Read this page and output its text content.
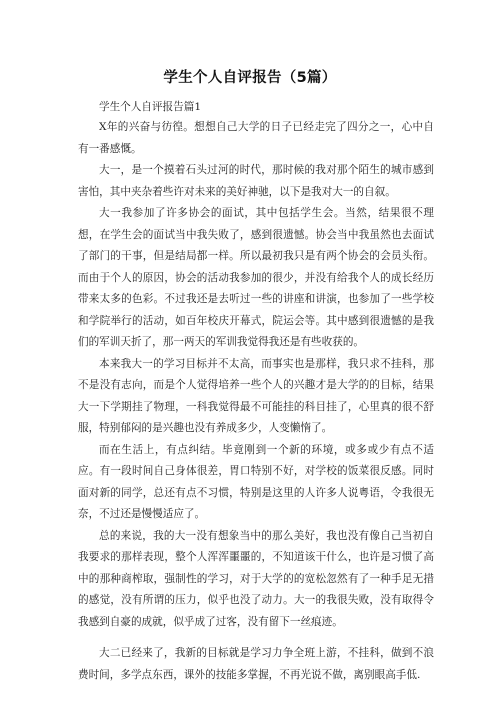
学生个人自评报告（5篇）

学生个人自评报告篇1

X年的兴奋与彷徨。想想自己大学的日子已经走完了四分之一，心中自有一番感慨。

大一，是一个摸着石头过河的时代，那时候的我对那个陌生的城市感到害怕，其中夹杂着些许对未来的美好神驰，以下是我对大一的自叙。

大一我参加了许多协会的面试，其中包括学生会。当然，结果很不理想，在学生会的面试当中我失败了，感到很遗憾。协会当中我虽然也去面试了部门的干事，但是结局都一样。所以最初我只是有两个协会的会员头衔。而由于个人的原因，协会的活动我参加的很少，并没有给我个人的成长经历带来太多的色彩。不过我还是去听过一些的讲座和讲演，也参加了一些学校和学院举行的活动，如百年校庆开幕式，院运会等。其中感到很遗憾的是我们的军训天折了，那一两天的军训我觉得我还是有些收获的。

本来我大一的学习目标并不太高，而事实也是那样，我只求不挂科，那不是没有志向，而是个人觉得培养一些个人的兴趣才是大学的的目标，结果大一下学期挂了物理，一科我觉得最不可能挂的科目挂了，心里真的很不舒服，特别郁闷的是兴趣也没有养成多少，人变懒惰了。

而在生活上，有点纠结。毕竟刚到一个新的环境，或多或少有点不适应。有一段时间自己身体很差，胃口特别不好，对学校的饭菜很反感。同时面对新的同学，总还有点不习惯，特别是这里的人许多人说粤语，令我很无奈，不过还是慢慢适应了。

总的来说，我的大一没有想象当中的那么美好，我也没有像自己当初自我要求的那样表现，整个人浑浑噩噩的，不知道该干什么，也许是习惯了高中的那种商榨取，强制性的学习，对于大学的的宽松忽然有了一种手足无措的感觉，没有所谓的压力，似乎也没了动力。大一的我很失败，没有取得令我感到自豪的成就，似乎成了过客，没有留下一丝痕迹。

大二已经来了，我新的目标就是学习力争全班上游，不挂科，做到不浪费时间，多学点东西，课外的技能多掌握，不再光说不做，离别眼高手低.
